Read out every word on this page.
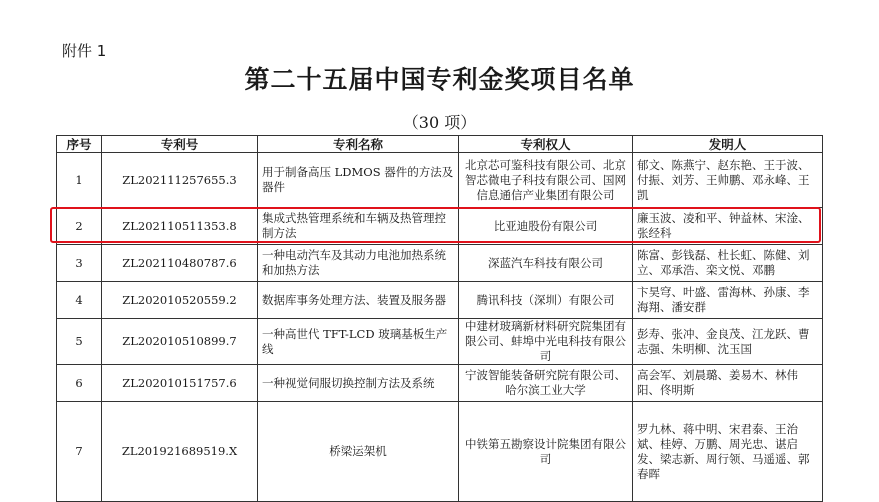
附件 1
第二十五届中国专利金奖项目名单
（30 项）
序号	专利号	专利名称	专利权人	发明人
1	ZL202111257655.3	用于制备高压 LDMOS 器件的方法及器件	北京芯可鉴科技有限公司、北京智芯微电子科技有限公司、国网信息通信产业集团有限公司	郁文、陈燕宁、赵东艳、王于波、付振、刘芳、王帅鹏、邓永峰、王凯
2	ZL202110511353.8	集成式热管理系统和车辆及热管理控制方法	比亚迪股份有限公司	廉玉波、凌和平、钟益林、宋淦、张经科
3	ZL202110480787.6	一种电动汽车及其动力电池加热系统和加热方法	深蓝汽车科技有限公司	陈富、彭钱磊、杜长虹、陈健、刘立、邓承浩、栾文悦、邓鹏
4	ZL202010520559.2	数据库事务处理方法、装置及服务器	腾讯科技（深圳）有限公司	卞昊穹、叶盛、雷海林、孙康、李海翔、潘安群
5	ZL202010510899.7	一种高世代 TFT-LCD 玻璃基板生产线	中建材玻璃新材料研究院集团有限公司、蚌埠中光电科技有限公司	彭寿、张冲、金良茂、江龙跃、曹志强、朱明柳、沈玉国
6	ZL202010151757.6	一种视觉伺服切换控制方法及系统	宁波智能装备研究院有限公司、哈尔滨工业大学	高会军、刘晨璐、姜易木、林伟阳、佟明斯
7	ZL201921689519.X	桥梁运架机	中铁第五勘察设计院集团有限公司	罗九林、蒋中明、宋君泰、王治斌、桂婷、万鹏、周光忠、谌启发、梁志新、周行领、马遥遥、郭春晖
